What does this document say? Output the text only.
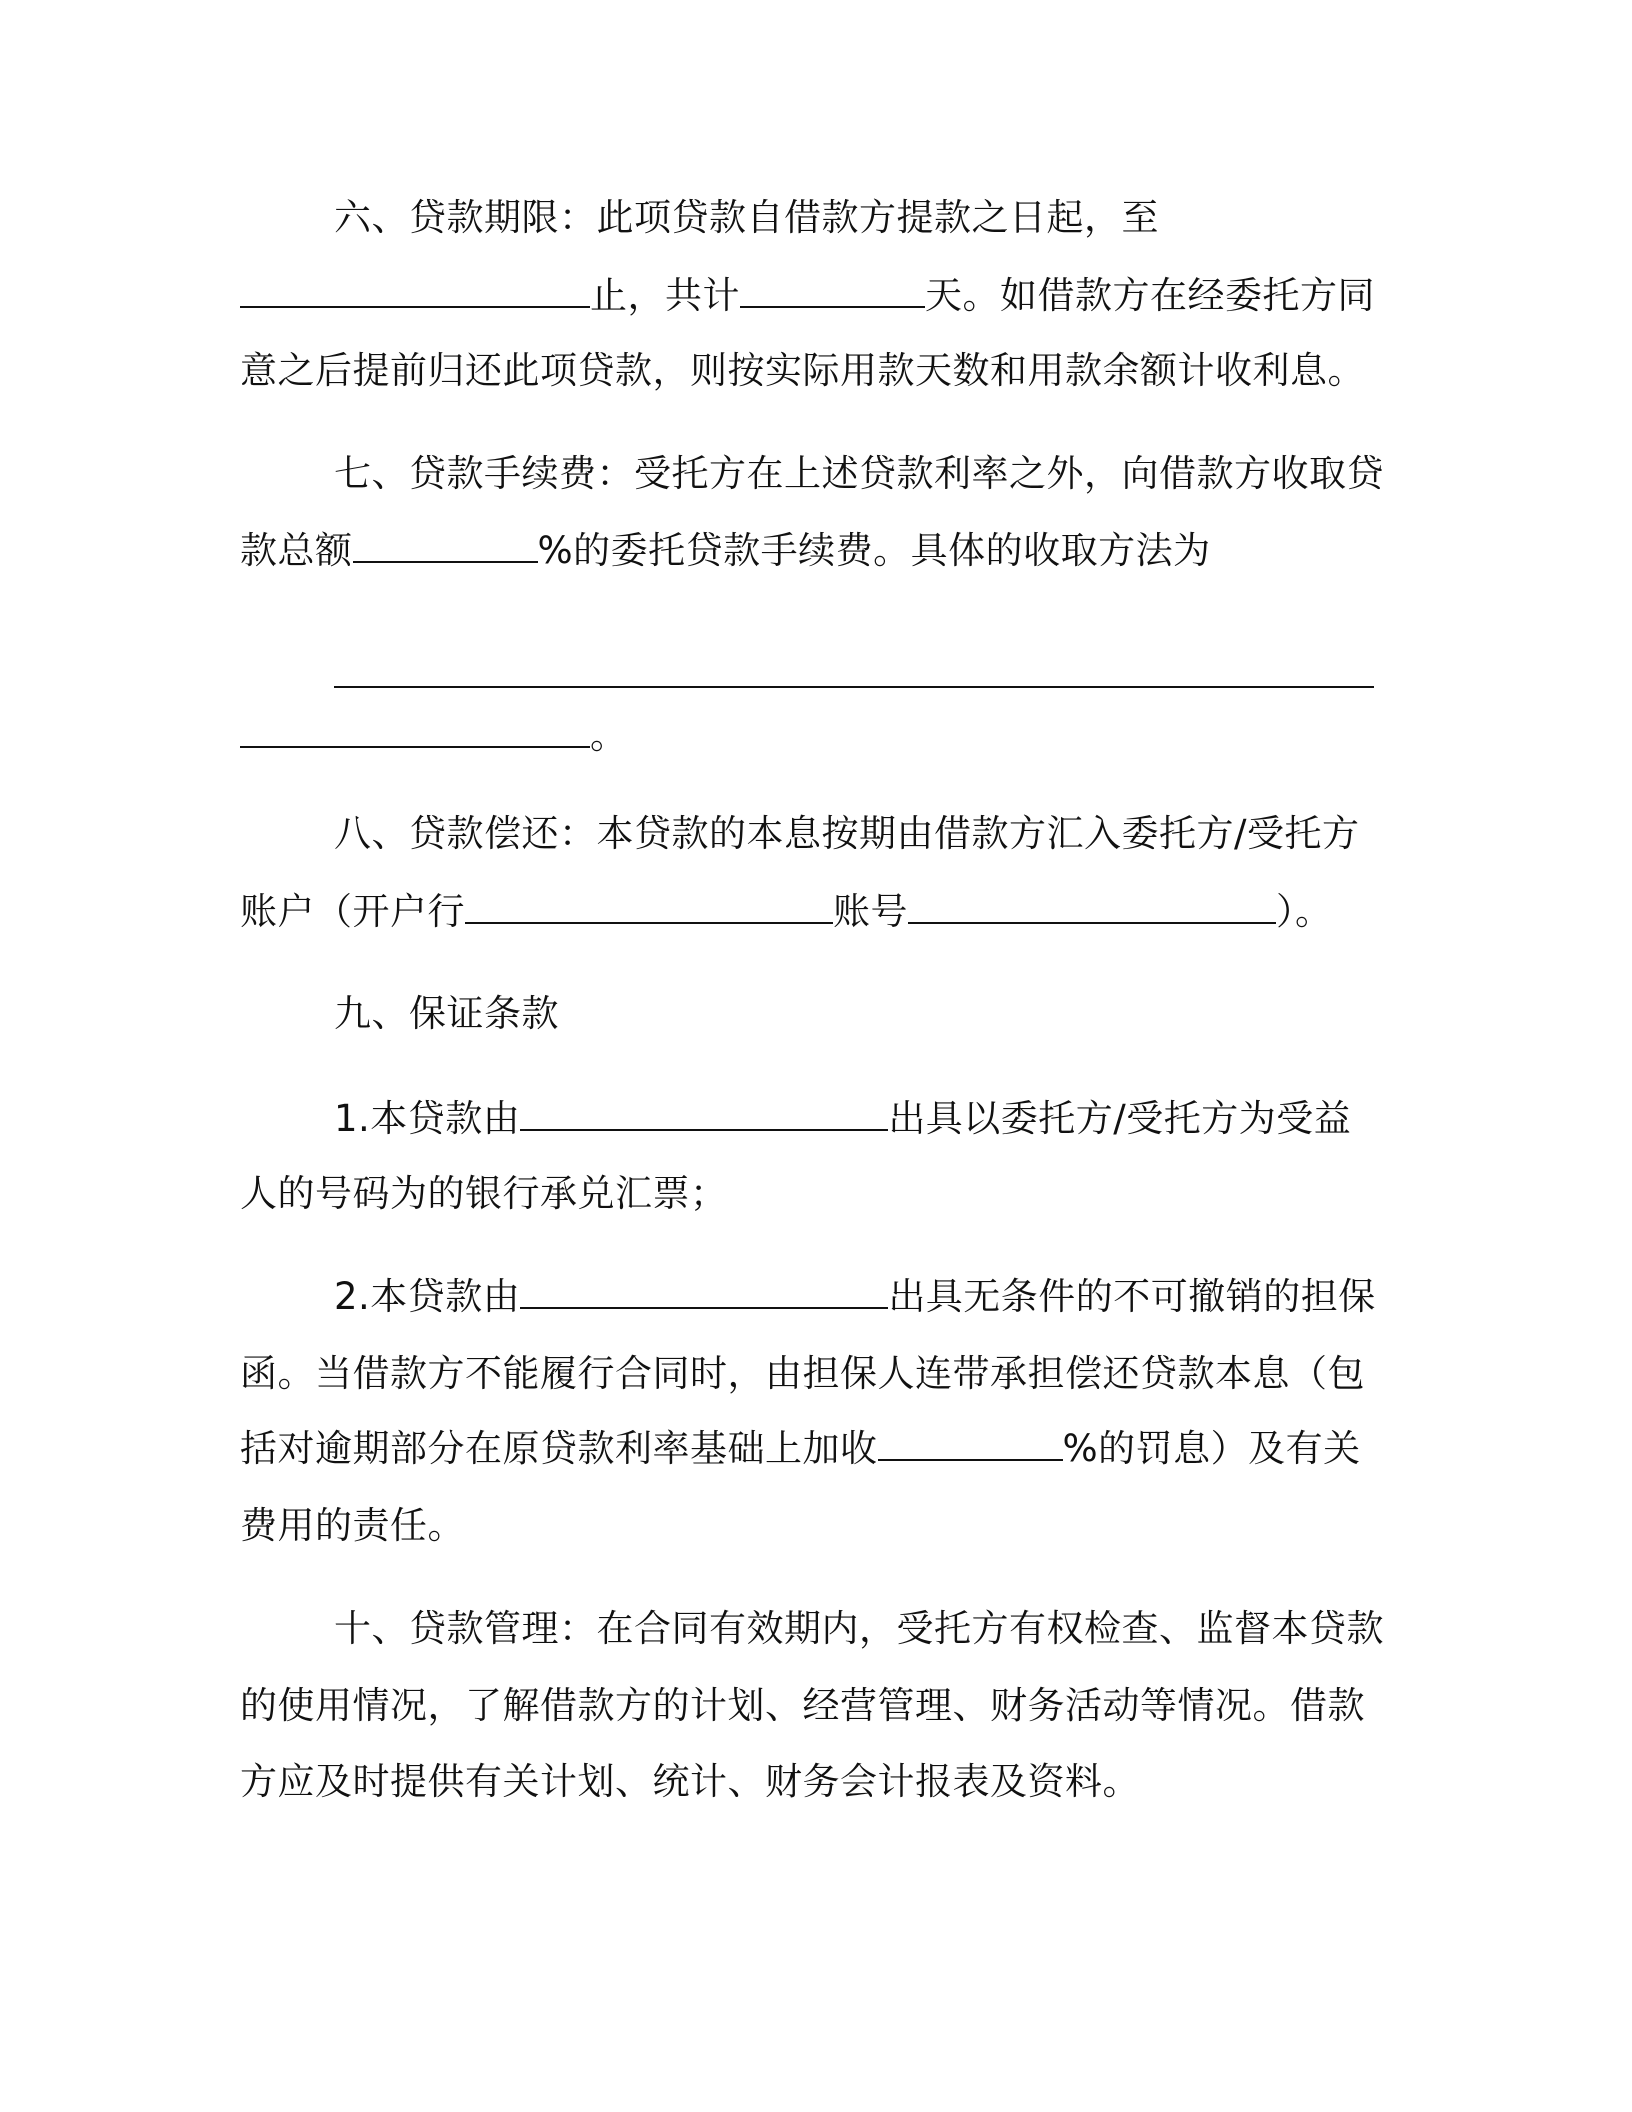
六、贷款期限：此项贷款自借款方提款之日起，至
止，共计	天。如借款方在经委托方同
意之后提前归还此项贷款，则按实际用款天数和用款余额计收利息。
七、贷款手续费：受托方在上述贷款利率之外，向借款方收取贷
款总额	%的委托贷款手续费。具体的收取方法为
。
八、贷款偿还：本贷款的本息按期由借款方汇入委托方/受托方
账户（开户行	账号	）。
九、保证条款
1.本贷款由	出具以委托方/受托方为受益
人的号码为的银行承兑汇票；
2.本贷款由	出具无条件的不可撤销的担保
函。当借款方不能履行合同时，由担保人连带承担偿还贷款本息（包
括对逾期部分在原贷款利率基础上加收	%的罚息）及有关
费用的责任。
十、贷款管理：在合同有效期内，受托方有权检查、监督本贷款
的使用情况，了解借款方的计划、经营管理、财务活动等情况。借款
方应及时提供有关计划、统计、财务会计报表及资料。
